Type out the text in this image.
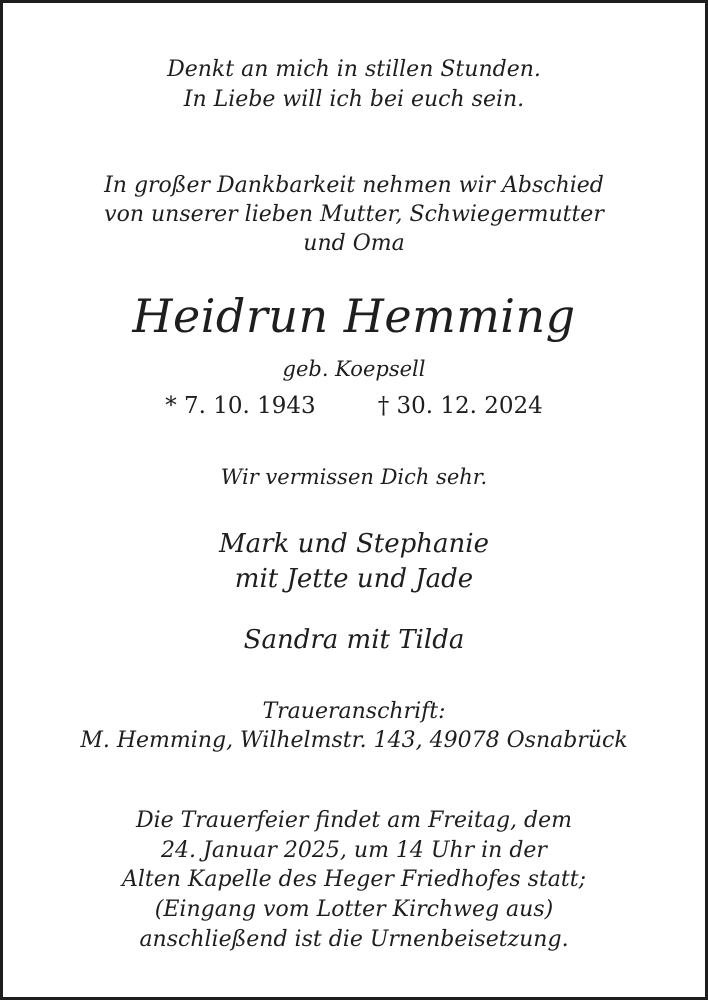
Denkt an mich in stillen Stunden.
In Liebe will ich bei euch sein.
In großer Dankbarkeit nehmen wir Abschied
von unserer lieben Mutter, Schwiegermutter
und Oma
Heidrun Hemming
geb. Koepsell
* 7. 10. 1943	† 30. 12. 2024
Wir vermissen Dich sehr.
Mark und Stephanie
mit Jette und Jade
Sandra mit Tilda
Traueranschrift:
M. Hemming, Wilhelmstr. 143, 49078 Osnabrück
Die Trauerfeier findet am Freitag, dem
24. Januar 2025, um 14 Uhr in der
Alten Kapelle des Heger Friedhofes statt;
(Eingang vom Lotter Kirchweg aus)
anschließend ist die Urnenbeisetzung.
